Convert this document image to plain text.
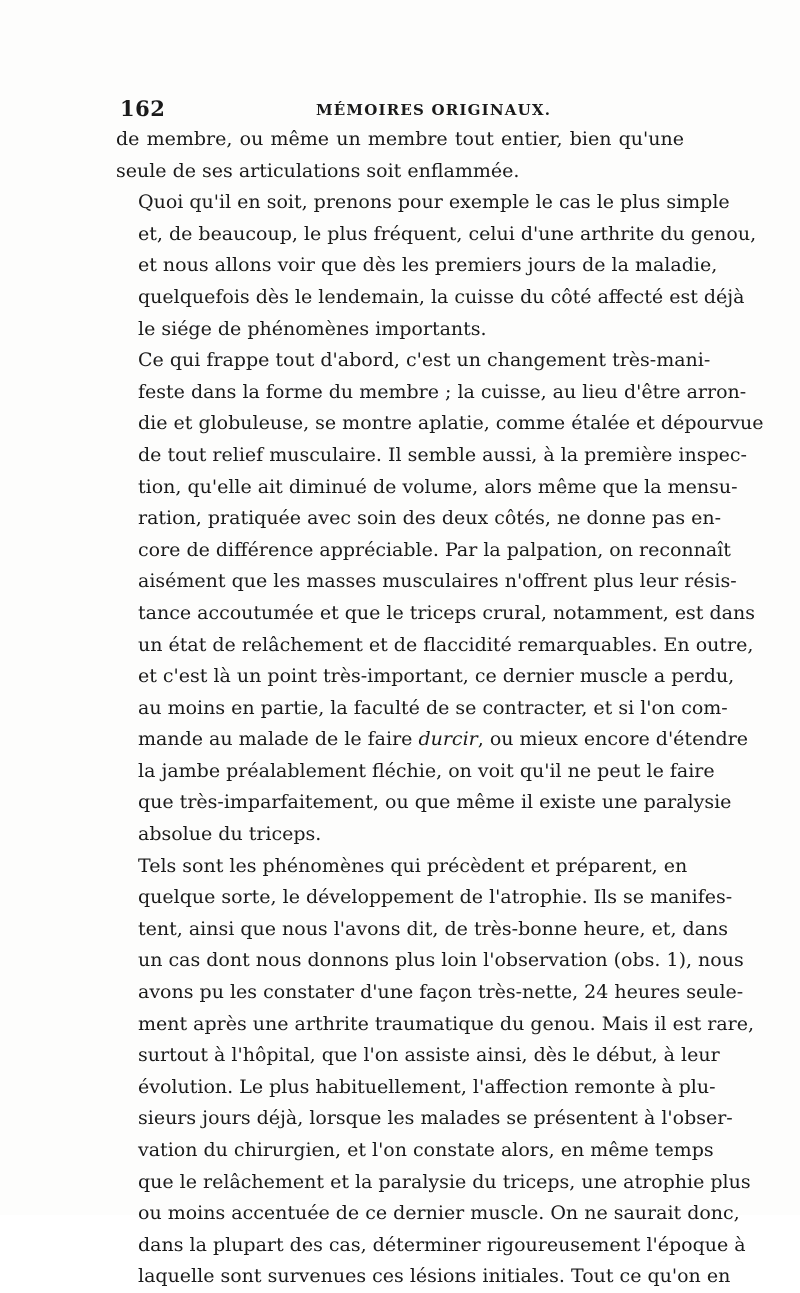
162	MÉMOIRES ORIGINAUX.

de membre, ou même un membre tout entier, bien qu'une
seule de ses articulations soit enflammée.

Quoi qu'il en soit, prenons pour exemple le cas le plus simple
et, de beaucoup, le plus fréquent, celui d'une arthrite du genou,
et nous allons voir que dès les premiers jours de la maladie,
quelquefois dès le lendemain, la cuisse du côté affecté est déjà
le siége de phénomènes importants.

Ce qui frappe tout d'abord, c'est un changement très-mani-
feste dans la forme du membre ; la cuisse, au lieu d'être arron-
die et globuleuse, se montre aplatie, comme étalée et dépourvue
de tout relief musculaire. Il semble aussi, à la première inspec-
tion, qu'elle ait diminué de volume, alors même que la mensu-
ration, pratiquée avec soin des deux côtés, ne donne pas en-
core de différence appréciable. Par la palpation, on reconnaît
aisément que les masses musculaires n'offrent plus leur résis-
tance accoutumée et que le triceps crural, notamment, est dans
un état de relâchement et de flaccidité remarquables. En outre,
et c'est là un point très-important, ce dernier muscle a perdu,
au moins en partie, la faculté de se contracter, et si l'on com-
mande au malade de le faire durcir, ou mieux encore d'étendre
la jambe préalablement fléchie, on voit qu'il ne peut le faire
que très-imparfaitement, ou que même il existe une paralysie
absolue du triceps.

Tels sont les phénomènes qui précèdent et préparent, en
quelque sorte, le développement de l'atrophie. Ils se manifes-
tent, ainsi que nous l'avons dit, de très-bonne heure, et, dans
un cas dont nous donnons plus loin l'observation (obs. 1), nous
avons pu les constater d'une façon très-nette, 24 heures seule-
ment après une arthrite traumatique du genou. Mais il est rare,
surtout à l'hôpital, que l'on assiste ainsi, dès le début, à leur
évolution. Le plus habituellement, l'affection remonte à plu-
sieurs jours déjà, lorsque les malades se présentent à l'obser-
vation du chirurgien, et l'on constate alors, en même temps
que le relâchement et la paralysie du triceps, une atrophie plus
ou moins accentuée de ce dernier muscle. On ne saurait donc,
dans la plupart des cas, déterminer rigoureusement l'époque à
laquelle sont survenues ces lésions initiales. Tout ce qu'on en
